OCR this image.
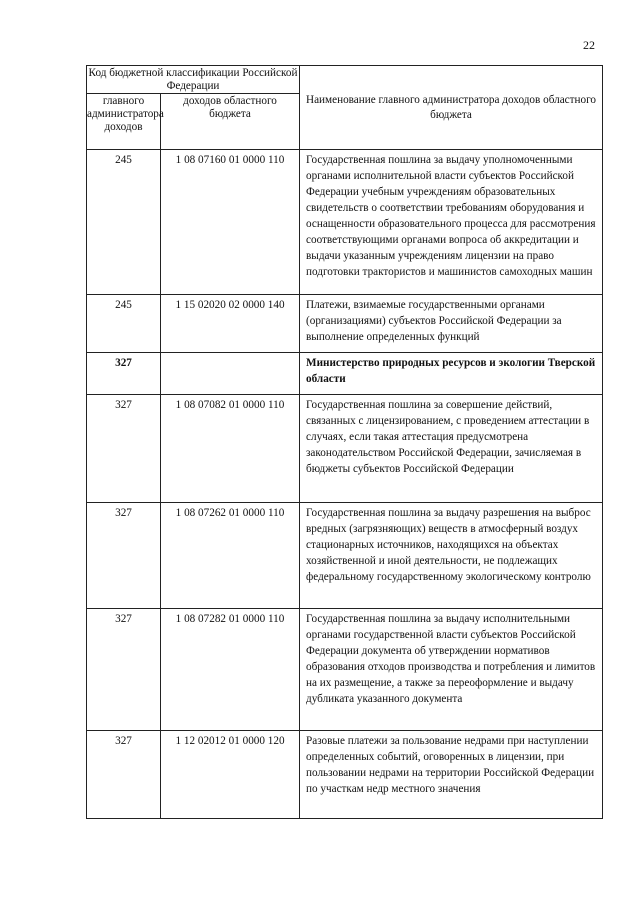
22
Код бюджетной классификации Российской Федерации		Наименование главного администратора доходов областного бюджета
главного администратора доходов	доходов областного бюджета	
245	1 08 07160 01 0000 110	Государственная пошлина за выдачу уполномоченными органами исполнительной власти субъектов Российской Федерации учебным учреждениям образовательных свидетельств о соответствии требованиям оборудования и оснащенности образовательного процесса для рассмотрения соответствующими органами вопроса об аккредитации и выдачи указанным учреждениям лицензии на право подготовки трактористов и машинистов самоходных машин
245	1 15 02020 02 0000 140	Платежи, взимаемые государственными органами (организациями) субъектов Российской Федерации за выполнение определенных функций
327		Министерство природных ресурсов и экологии Тверской области
327	1 08 07082 01 0000 110	Государственная пошлина за совершение действий, связанных с лицензированием, с проведением аттестации в случаях, если такая аттестация предусмотрена законодательством Российской Федерации, зачисляемая в бюджеты субъектов Российской Федерации
327	1 08 07262 01 0000 110	Государственная пошлина за выдачу разрешения на выброс вредных (загрязняющих) веществ в атмосферный воздух стационарных источников, находящихся на объектах хозяйственной и иной деятельности, не подлежащих федеральному государственному экологическому контролю
327	1 08 07282 01 0000 110	Государственная пошлина за выдачу исполнительными органами государственной власти субъектов Российской Федерации документа об утверждении нормативов образования отходов производства и потребления и лимитов на их размещение, а также за переоформление и выдачу дубликата указанного документа
327	1 12 02012 01 0000 120	Разовые платежи за пользование недрами при наступлении определенных событий, оговоренных в лицензии, при пользовании недрами на территории Российской Федерации по участкам недр местного значения
